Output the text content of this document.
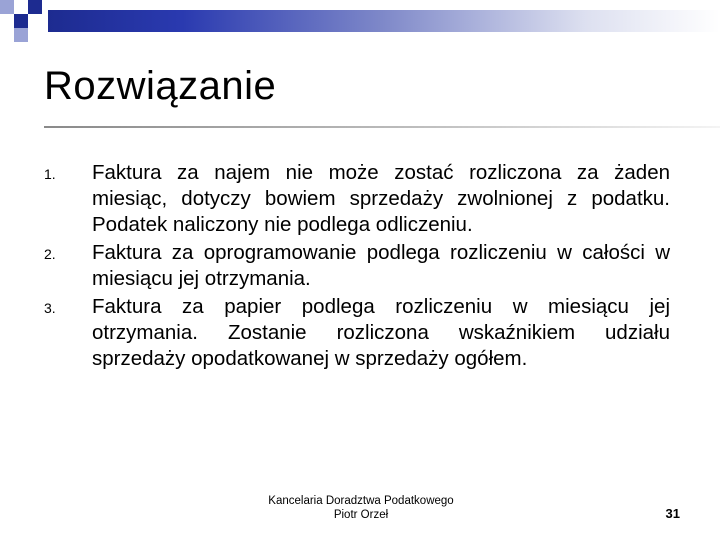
Rozwiązanie
1.	Faktura za najem nie może zostać rozliczona za żaden miesiąc, dotyczy bowiem sprzedaży zwolnionej z podatku. Podatek naliczony nie podlega odliczeniu.
2.	Faktura za oprogramowanie podlega rozliczeniu w całości w miesiącu jej otrzymania.
3.	Faktura za papier podlega rozliczeniu w miesiącu jej otrzymania. Zostanie rozliczona wskaźnikiem udziału sprzedaży opodatkowanej w sprzedaży ogółem.
Kancelaria Doradztwa Podatkowego
Piotr Orzeł	31
